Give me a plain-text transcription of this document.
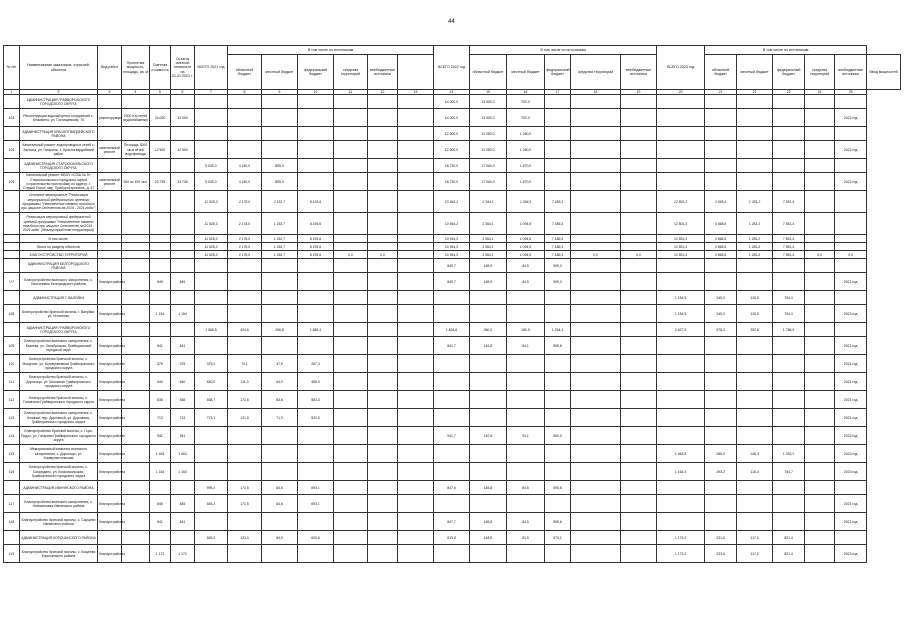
44
№ п/п	Наименование заказчиков, отраслей, объектов	Вид работ	Проектная мощность, площадь, кв. м	Сметная стоимость	Остаток сметной стоимости на 01.01.2021 г.	ВСЕГО 2021 год	В том числе по источникам						ВСЕГО 2022 год	В том числе по источникам					ВСЕГО 2023 год	В том числе по источникам					
							областной бюджет	местный бюджет	федеральный бюджет	средства территорий	внебюджетные источники			областной бюджет	местный бюджет	федеральный бюджет	средства территорий	внебюджетные источники		областной бюджет	местный бюджет	федеральный бюджет	средства территорий	внебюджетные источники	Ввод мощностей
1	2	3	4	5	6	7	8	9	10	11	12	13	14	15	16	17	18	19	20	21	22	23	24	25	
	АДМИНИСТРАЦИЯ ГРАЙВОРОНСКОГО ГОРОДСКОГО ОКРУГА												14 000,0	13 300,0	700,0										
103	Реконструкция водозаборных сооружений с. Безымено, ул. Гостищевская, 76	реконструкция	2000 п.м сетей водоснабжения	24 000	14 000								14 000,0	13 300,0	700,0									2022 год	
	АДМИНИСТРАЦИЯ КРАСНОГВАРДЕЙСКОГО РАЙОНА												12 500,0	11 250,0	1 250,0										
104	Капитальный ремонт водопроводных сетей с. Засосна, ул. Гагарина, 1, Красногвардейский район	капитальный ремонт	Площадь 3000 кв.м сетей водопровода	12 500	12 500								12 500,0	11 250,0	1 250,0									2022 год	
	АДМИНИСТРАЦИЯ СТАРООСКОЛЬСКОГО ГОРОДСКОГО ОКРУГА					5 005,0	4 150,0	855,0					18 730,0	17 060,0	1 670,0										
105	Капитальный ремонт МБОУ «СОШ № 5» Старооскольского городского округа (строительство пристройки) по адресу: г. Старый Оскол, мкр. Приборостроитель, д. 47	капитальный ремонт	300 м² 400 чел.	23 735	23 735	5 005,0	4 150,0	855,0					18 730,0	17 060,0	1 670,0									2022 год	
	Основное мероприятие "Реализация мероприятий федерального целевого программы "Увековечение памяти погибших при защите Отечества на 2019 - 2024 годы""					11 525,3	2 178,0	1 152,7	8 193,6				10 944,2	2 364,1	1 094,5	7 485,3			12 801,3	3 668,6	1 281,2	7 851,4			
	Реализация мероприятий федеральной целевой программы "Увековечение памяти погибших при защите Отечества на 2019 - 2024 годы" (благоустройство территорий)					11 525,3	2 178,0	1 152,7	8 193,6				10 944,2	2 364,1	1 094,5	7 485,3			12 801,3	3 668,6	1 281,2	7 851,4			
	В том числе:					11 525,3	2 178,0	1 152,7	8 193,6				10 944,2	2 364,1	1 094,5	7 485,3			12 801,3	3 668,6	1 281,2	7 851,4			
	Всего по разделу объектов					11 525,3	2 178,0	1 152,7	8 193,6				10 944,2	2 364,1	1 094,5	7 485,3			12 801,3	3 668,6	1 281,2	7 851,4			
	БЛАГОУСТРОЙСТВО ТЕРРИТОРИЙ					11 525,3	2 178,0	1 152,7	8 193,6	0,0	0,0		10 944,2	2 364,1	1 094,5	7 485,3	0,0	0,0	12 801,3	3 668,6	1 281,2	7 851,4	0,0	0,0	
	АДМИНИСТРАЦИЯ БЕЛГОРОДСКОГО РАЙОНА												849,7	165,9	84,9	599,0									
1*7	Благоустройство воинского захоронения, с. Бессоновка Белгородского района	благоустройство		849	849								849,7	165,9	84,9	599,0								2022 год	
	АДМИНИСТРАЦИЯ Г. ВАЛУЙКИ																		1 154,5	245,0	115,5	794,0			
108	Благоустройство братской могилы, г. Валуйки, ул. Игнатенко	благоустройство		1 154	1 154														1 154,5	245,0	115,5	794,0		2023 год	
	АДМИНИСТРАЦИЯ ГРАЙВОРОНСКОГО ГОРОДСКОГО ОКРУГА					2 566,8	424,6	256,8	1 885,4				1 804,6	360,0	180,5	1 264,1			2 627,9	578,2	262,8	1 786,9			
109	Благоустройство воинского захоронения, с. Козинка, ул. Октябрьская, Грайворонский городской округ	благоустройство		841	841								841,7	161,8	84,1	595,8								2022 год	
110	Благоустройство братской могилы, с. Мощеное, ул. Кооперативная Грайворонского городского округа	благоустройство		375	375	375,0	70,1	37,5	267,4															2021 год	
111	Благоустройство братской могилы, с. Дорогощь, ул. Школьная Грайворонского городского округа	благоустройство		640	640	640,0	111,0	64,0	465,0															2021 год	
112	Благоустройство братской могилы, с. Головчино Грайворонского городского округа	благоустройство		838	838	838,7	171,6	83,8	583,3															2021 год	
113	Благоустройство воинского захоронения, с. Козинка, пер. Дорожный, ул. Дорожная, Грайворонского городского округа	благоустройство		713	713	713,1	121,8	71,3	520,0															2021 год	
114	Благоустройство братской могилы, с. Гора-Подол, ул. Гагарина Грайворонского городского округа	благоустройство		941	941								941,7	187,6	94,1	660,0								2022 год	
115	Мемориальный комплекс воинского захоронения, с. Дорогощь, ул. Коммунистическая	благоустройство		1 463	1 463														1 463,5	285,0	146,3	1 032,2		2023 год	
116	Благоустройство братской могилы, с. Смородино, ул. Комсомольская, Грайворонского городского округа	благоустройство		1 164	1 164														1 164,3	293,2	116,4	754,7		2023 год	
	АДМИНИСТРАЦИЯ ИВНЯНСКОГО РАЙОНА					999,2	171,5	84,6	693,1				847,6	165,8	84,5	595,6									
117	Благоустройство воинского захоронения, с. Новоселовка Ивнянского района	благоустройство		845	845	845,2	171,5	84,6	693,1															2021 год	
118	Благоустройство братской могилы, с. Сырцево Ивнянского района	благоустройство		841	841								847,7	165,8	84,5	595,6								2022 год	
	АДМИНИСТРАЦИЯ КОРОЧАНСКОГО РАЙОНА					845,2	123,5	84,9	609,6				819,8	164,8	81,9	573,1			1 170,0	231,6	117,0	821,4			
119	Благоустройство братской могилы, с. Кощеево Корочанского района	благоустройство		1 172	1 172														1 172,0	233,6	117,2	821,4		2023 год	
